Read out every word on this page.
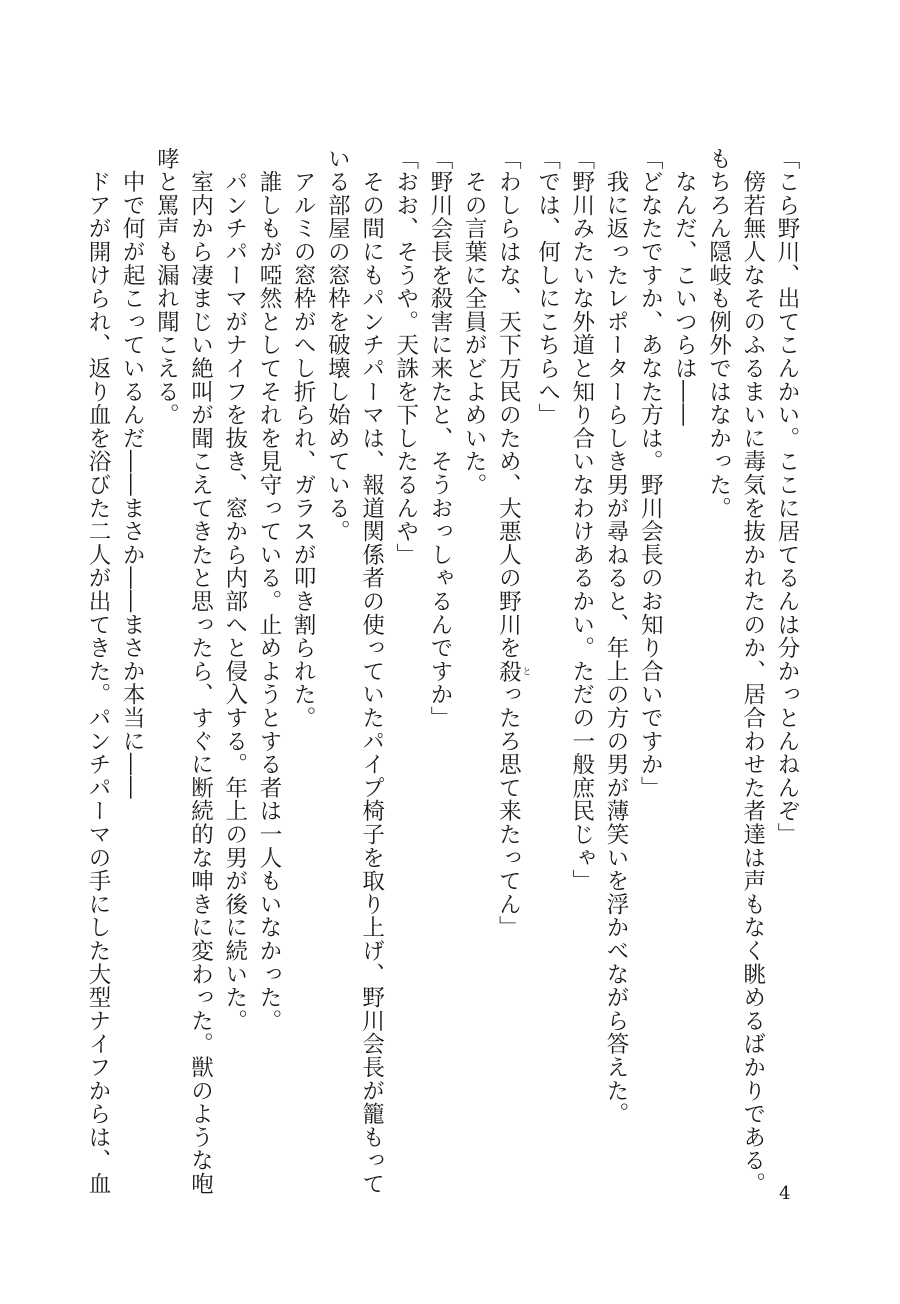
「こら野川、出てこんかい。ここに居てるんは分かっとんねんぞ」
　傍若無人なそのふるまいに毒気を抜かれたのか、居合わせた者達は声もなく眺めるばかりである。
もちろん隠岐も例外ではなかった。
　なんだ、こいつらは――
「どなたですか、あなた方は。野川会長のお知り合いですか」
　我に返ったレポーターらしき男が尋ねると、年上の方の男が薄笑いを浮かべながら答えた。
「野川みたいな外道と知り合いなわけあるかい。ただの一般庶民じゃ」
「では、何しにこちらへ」
「わしらはな、天下万民のため、大悪人の野川を殺 とったろ思て来たってん」
　その言葉に全員がどよめいた。
「野川会長を殺害に来たと、そうおっしゃるんですか」
「おお、そうや。天誅を下したるんや」
　その間にもパンチパーマは、報道関係者の使っていたパイプ椅子を取り上げ、野川会長が籠もって
いる部屋の窓枠を破壊し始めている。
　アルミの窓枠がへし折られ、ガラスが叩き割られた。
　誰しもが啞然としてそれを見守っている。止めようとする者は一人もいなかった。
　パンチパーマがナイフを抜き、窓から内部へと侵入する。年上の男が後に続いた。
　室内から凄まじい絶叫が聞こえてきたと思ったら、すぐに断続的な呻きに変わった。獣のような咆
哮と罵声も漏れ聞こえる。
　中で何が起こっているんだ――まさか――まさか本当に――
　ドアが開けられ、返り血を浴びた二人が出てきた。パンチパーマの手にした大型ナイフからは、血	4
